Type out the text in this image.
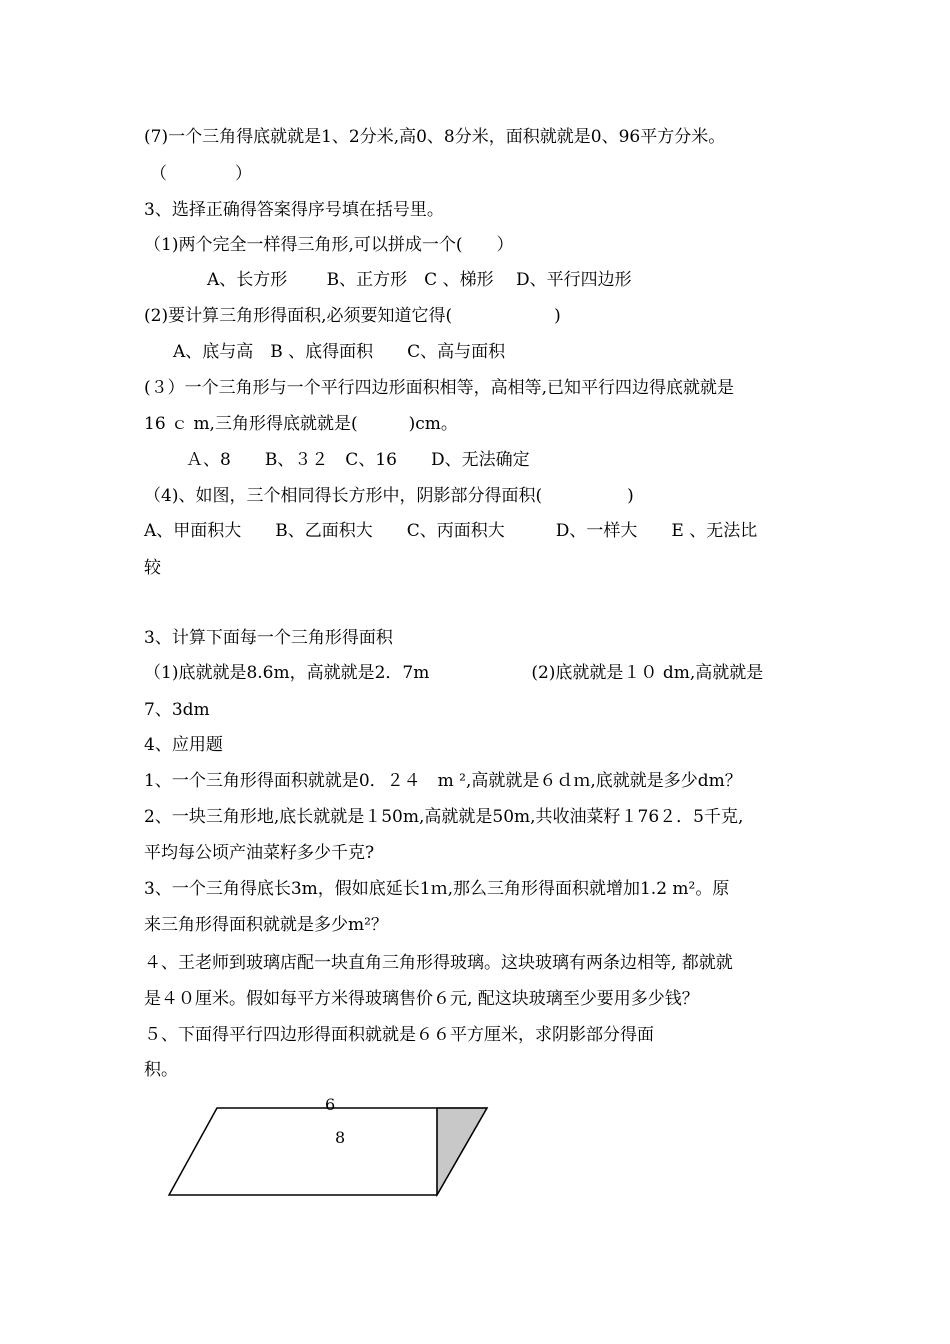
(7)一个三角得底就就是1、2分米,高0、8分米，面积就就是0、96平方分米。
（　　　　）
3、选择正确得答案得序号填在括号里。
（1)两个完全一样得三角形,可以拼成一个(　　）
A、长方形　　 B、正方形　C 、梯形　 D、平行四边形
(2)要计算三角形得面积,必须要知道它得(　　　　　　)
A、底与高　B 、底得面积　　C、高与面积
(３）一个三角形与一个平行四边形面积相等，高相等,已知平行四边得底就就是
16 ｃ m,三角形得底就就是(　　　)cm。
Ａ、8　　B、３２　C、16　　D、无法确定
（4)、如图，三个相同得长方形中，阴影部分得面积(　　　　　)
A、甲面积大　　B、乙面积大　　C、丙面积大　　　D、一样大　　E 、无法比
较
3、计算下面每一个三角形得面积
（1)底就就是8.6m，高就就是2．7m　　　　　　(2)底就就是１０ dm,高就就是
7、3dm
4、应用题
1、一个三角形得面积就就是0．２４　m ²,高就就是６ｄｍ,底就就是多少dm？
2、一块三角形地,底长就就是１50m,高就就是50m,共收油菜籽１76２．5千克,
平均每公顷产油菜籽多少千克?
3、一个三角得底长3m，假如底延长1ｍ,那么三角形得面积就增加1.2 m²。原
来三角形得面积就就是多少m²？
４、王老师到玻璃店配一块直角三角形得玻璃。这块玻璃有两条边相等, 都就就
是４０厘米。假如每平方米得玻璃售价６元, 配这块玻璃至少要用多少钱？
５、下面得平行四边形得面积就就是６６平方厘米，求阴影部分得面
积。
6
8
